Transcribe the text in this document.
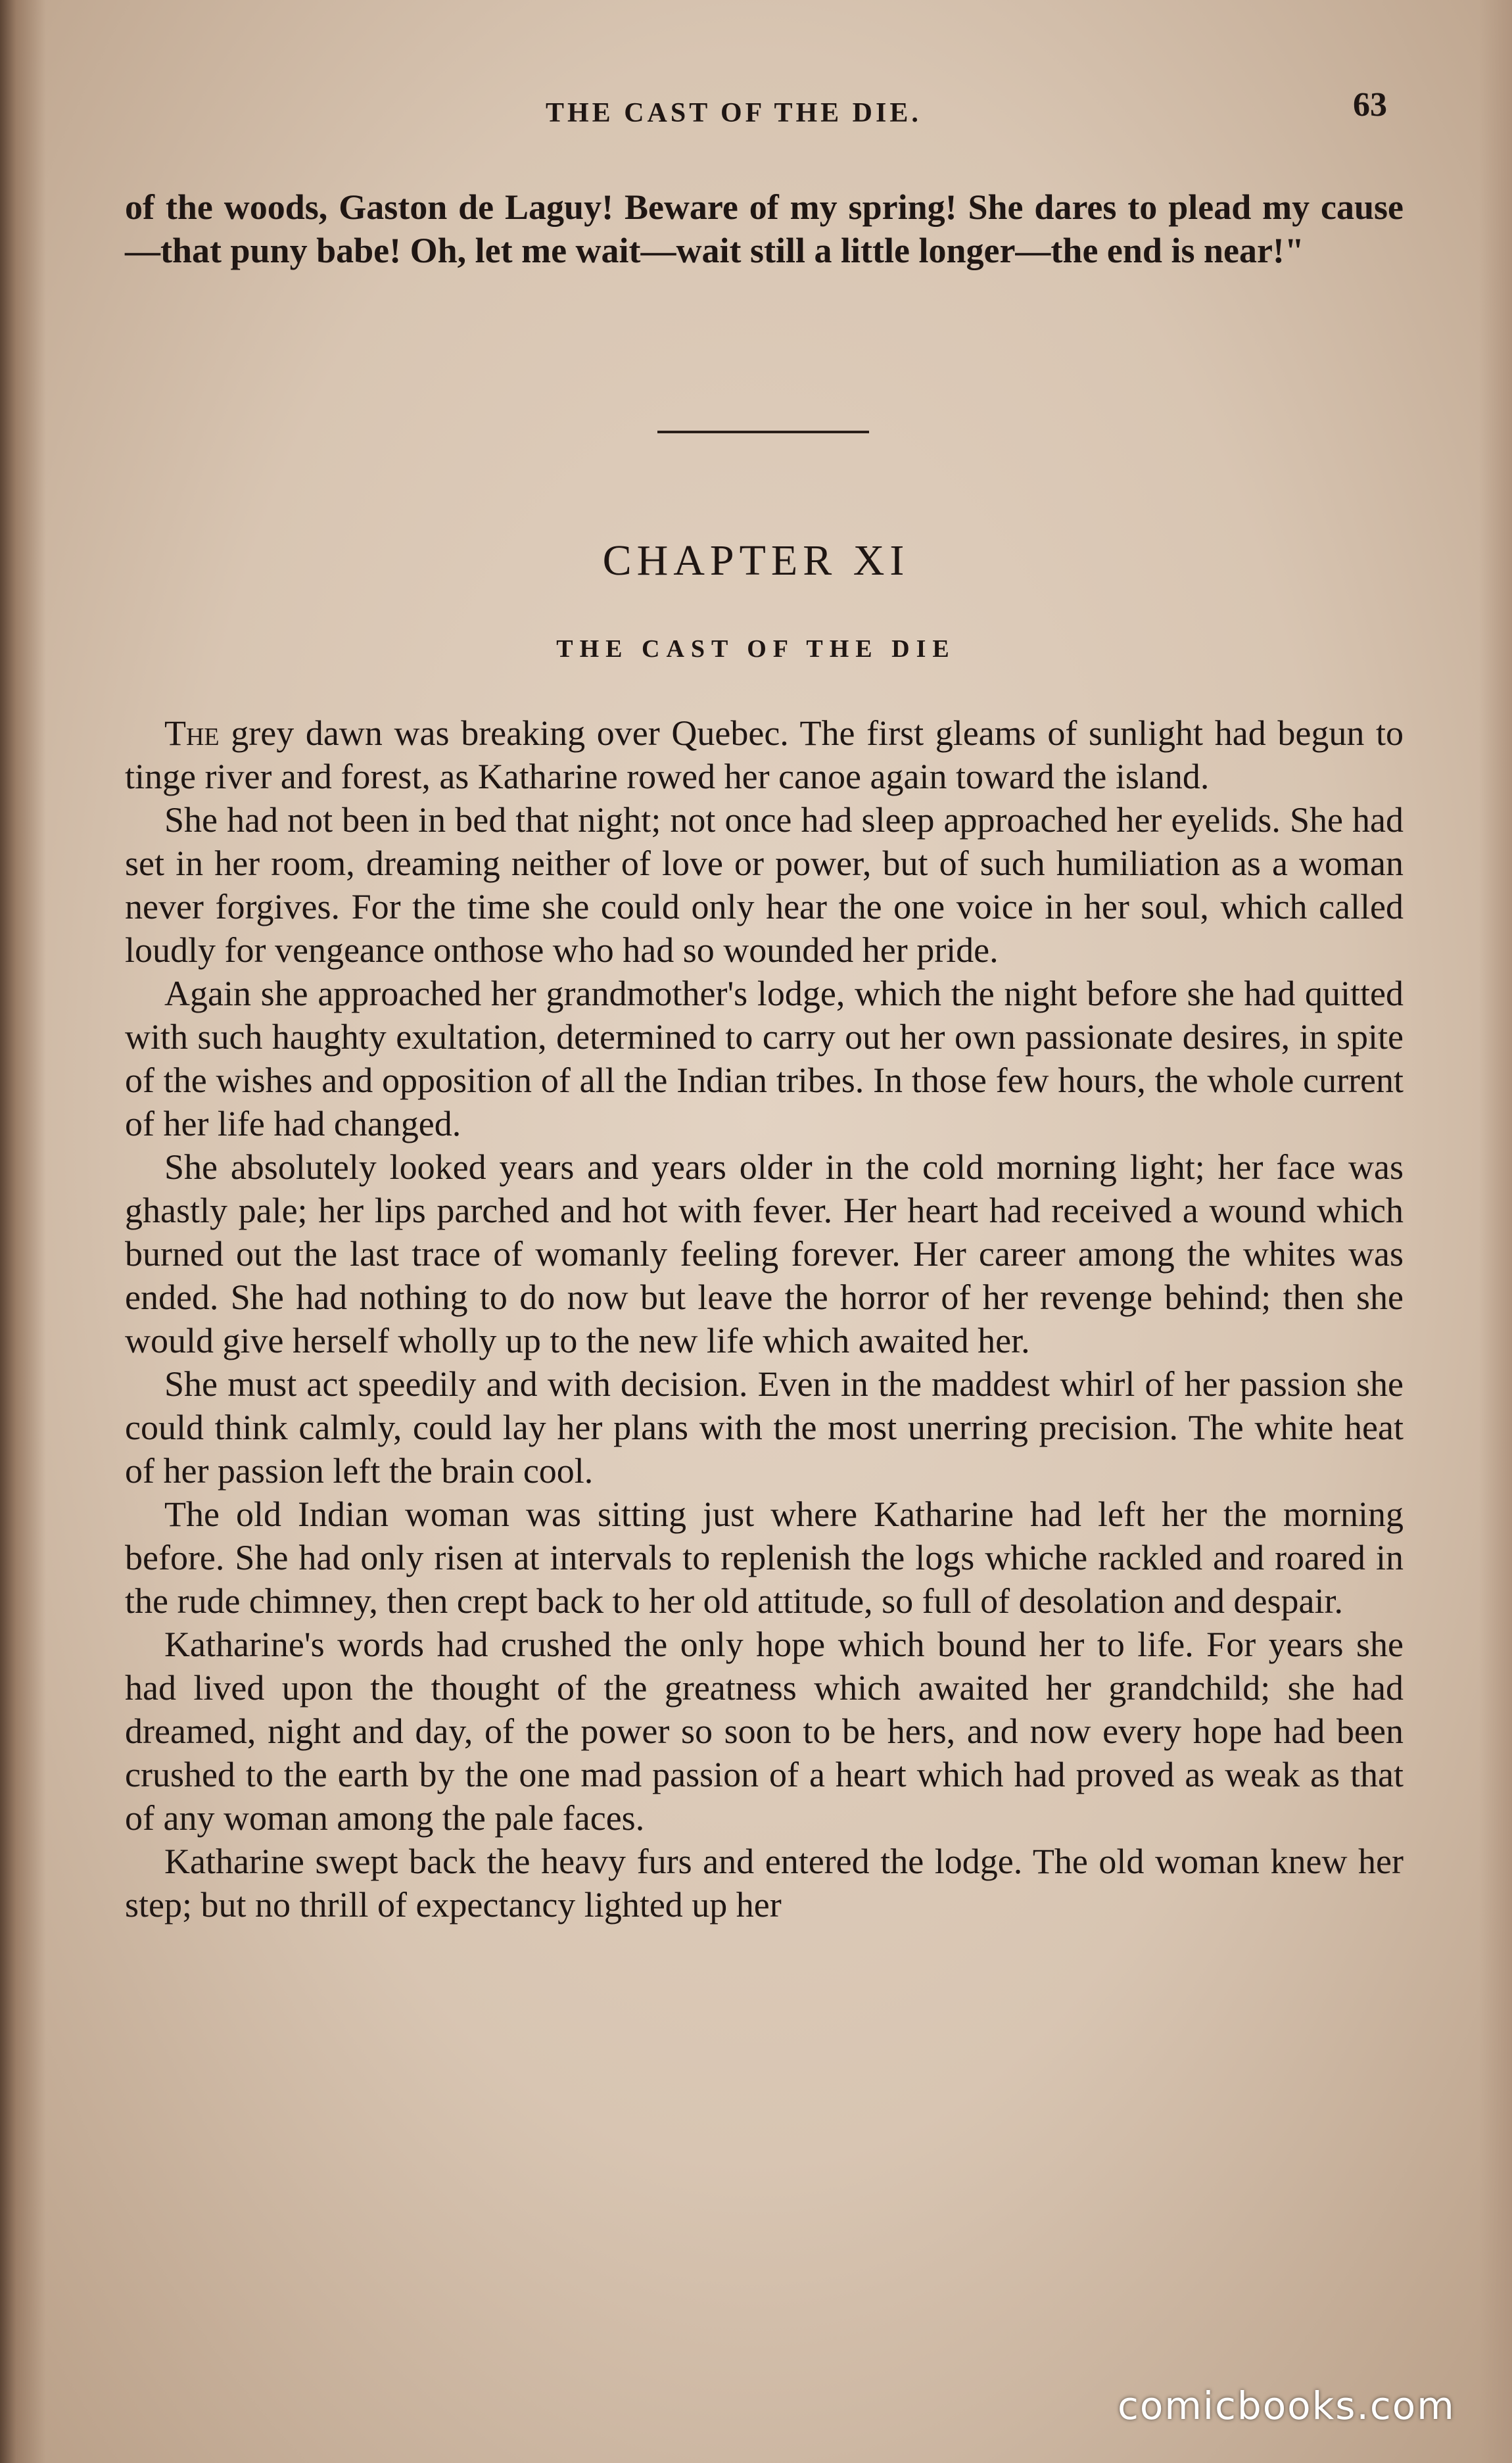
THE CAST OF THE DIE.	63

of the woods, Gaston de Laguy! Beware of my spring! She dares to plead my cause—that puny babe! Oh, let me wait—wait still a little longer—the end is near!"

CHAPTER XI
THE CAST OF THE DIE

The grey dawn was breaking over Quebec. The first gleams of sunlight had begun to tinge river and forest, as Katharine rowed her canoe again toward the island.

She had not been in bed that night; not once had sleep approached her eyelids. She had set in her room, dreaming neither of love or power, but of such humiliation as a woman never forgives. For the time she could only hear the one voice in her soul, which called loudly for vengeance onthose who had so wounded her pride.

Again she approached her grandmother's lodge, which the night before she had quitted with such haughty exultation, determined to carry out her own passionate desires, in spite of the wishes and opposition of all the Indian tribes. In those few hours, the whole current of her life had changed.

She absolutely looked years and years older in the cold morning light; her face was ghastly pale; her lips parched and hot with fever. Her heart had received a wound which burned out the last trace of womanly feeling forever. Her career among the whites was ended. She had nothing to do now but leave the horror of her revenge behind; then she would give herself wholly up to the new life which awaited her.

She must act speedily and with decision. Even in the maddest whirl of her passion she could think calmly, could lay her plans with the most unerring precision. The white heat of her passion left the brain cool.

The old Indian woman was sitting just where Katharine had left her the morning before. She had only risen at intervals to replenish the logs whiche rackled and roared in the rude chimney, then crept back to her old attitude, so full of desolation and despair.

Katharine's words had crushed the only hope which bound her to life. For years she had lived upon the thought of the greatness which awaited her grandchild; she had dreamed, night and day, of the power so soon to be hers, and now every hope had been crushed to the earth by the one mad passion of a heart which had proved as weak as that of any woman among the pale faces.

Katharine swept back the heavy furs and entered the lodge. The old woman knew her step; but no thrill of expectancy lighted up her

comicbooks.com
